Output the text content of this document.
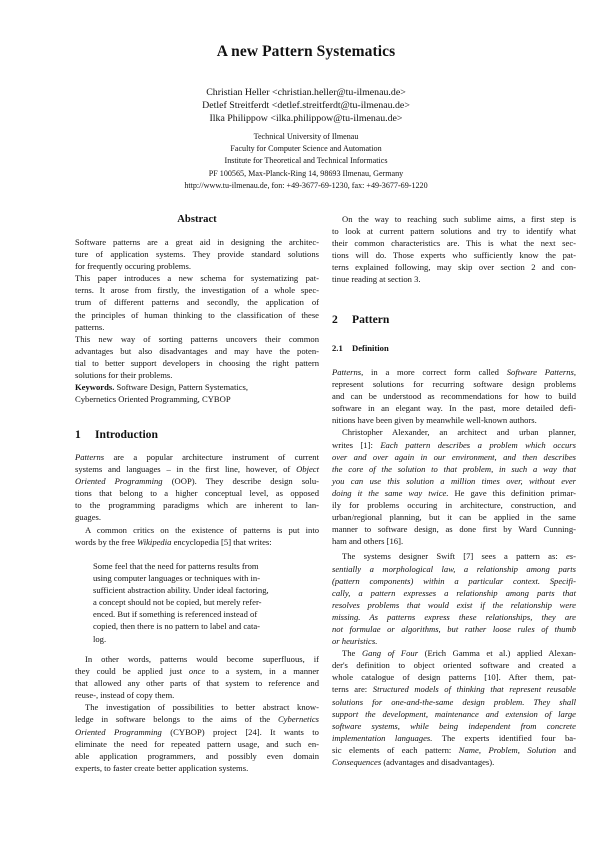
A new Pattern Systematics
Christian Heller <christian.heller@tu-ilmenau.de>
Detlef Streitferdt <detlef.streitferdt@tu-ilmenau.de>
Ilka Philippow <ilka.philippow@tu-ilmenau.de>
Technical University of Ilmenau
Faculty for Computer Science and Automation
Institute for Theoretical and Technical Informatics
PF 100565, Max-Planck-Ring 14, 98693 Ilmenau, Germany
http://www.tu-ilmenau.de, fon: +49-3677-69-1230, fax: +49-3677-69-1220
Abstract
Software patterns are a great aid in designing the architec-
ture of application systems. They provide standard solutions
for frequently occuring problems.
This paper introduces a new schema for systematizing pat-
terns. It arose from firstly, the investigation of a whole spec-
trum of different patterns and secondly, the application of
the principles of human thinking to the classification of these
patterns.
This new way of sorting patterns uncovers their common
advantages but also disadvantages and may have the poten-
tial to better support developers in choosing the right pattern
solutions for their problems.
Keywords. Software Design, Pattern Systematics,
Cybernetics Oriented Programming, CYBOP
1 Introduction
Patterns are a popular architecture instrument of current
systems and languages – in the first line, however, of Object
Oriented Programming (OOP). They describe design solu-
tions that belong to a higher conceptual level, as opposed
to the programming paradigms which are inherent to lan-
guages.
A common critics on the existence of patterns is put into
words by the free Wikipedia encyclopedia [5] that writes:
Some feel that the need for patterns results from
using computer languages or techniques with in-
sufficient abstraction ability. Under ideal factoring,
a concept should not be copied, but merely refer-
enced. But if something is referenced instead of
copied, then there is no pattern to label and cata-
log.
In other words, patterns would become superfluous, if
they could be applied just once to a system, in a manner
that allowed any other parts of that system to reference and
reuse-, instead of copy them.
The investigation of possibilities to better abstract know-
ledge in software belongs to the aims of the Cybernetics
Oriented Programming (CYBOP) project [24]. It wants to
eliminate the need for repeated pattern usage, and such en-
able application programmers, and possibly even domain
experts, to faster create better application systems.
On the way to reaching such sublime aims, a first step is
to look at current pattern solutions and try to identify what
their common characteristics are. This is what the next sec-
tions will do. Those experts who sufficiently know the pat-
terns explained following, may skip over section 2 and con-
tinue reading at section 3.
2 Pattern
2.1 Definition
Patterns, in a more correct form called Software Patterns,
represent solutions for recurring software design problems
and can be understood as recommendations for how to build
software in an elegant way. In the past, more detailed defi-
nitions have been given by meanwhile well-known authors.
Christopher Alexander, an architect and urban planner,
writes [1]: Each pattern describes a problem which occurs
over and over again in our environment, and then describes
the core of the solution to that problem, in such a way that
you can use this solution a million times over, without ever
doing it the same way twice. He gave this definition primar-
ily for problems occuring in architecture, construction, and
urban/regional planning, but it can be applied in the same
manner to software design, as done first by Ward Cunning-
ham and others [16].
The systems designer Swift [7] sees a pattern as: es-
sentially a morphological law, a relationship among parts
(pattern components) within a particular context. Specifi-
cally, a pattern expresses a relationship among parts that
resolves problems that would exist if the relationship were
missing. As patterns express these relationships, they are
not formulae or algorithms, but rather loose rules of thumb
or heuristics.
The Gang of Four (Erich Gamma et al.) applied Alexan-
der's definition to object oriented software and created a
whole catalogue of design patterns [10]. After them, pat-
terns are: Structured models of thinking that represent reusable
solutions for one-and-the-same design problem. They shall
support the development, maintenance and extension of large
software systems, while being independent from concrete
implementation languages. The experts identified four ba-
sic elements of each pattern: Name, Problem, Solution and
Consequences (advantages and disadvantages).
